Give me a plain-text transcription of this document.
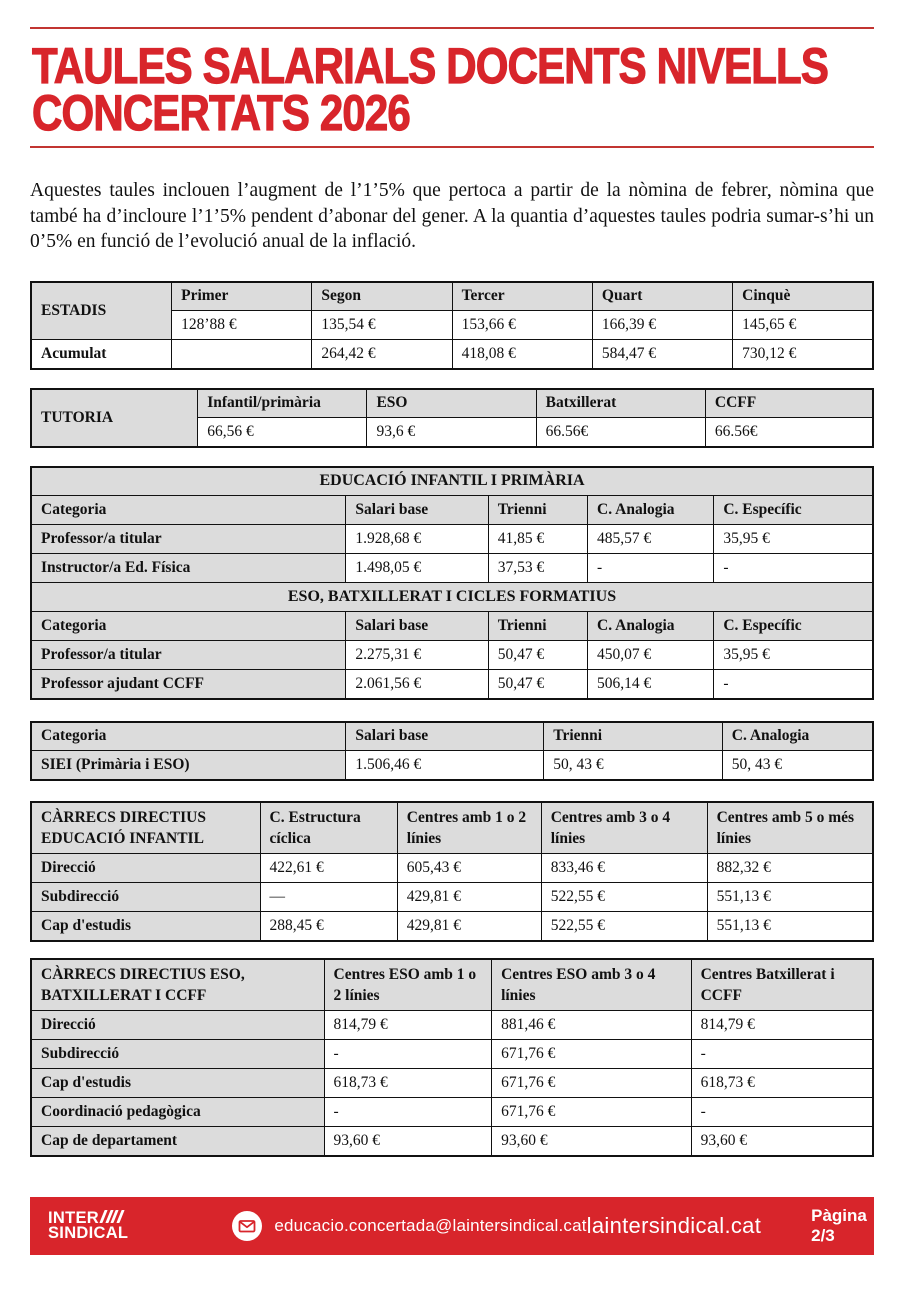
TAULES SALARIALS DOCENTS NIVELLS
CONCERTATS 2026

Aquestes taules inclouen l’augment de l’1’5% que pertoca a partir de la nòmina de febrer, nòmina que també ha d’incloure l’1’5% pendent d’abonar del gener. A la quantia d’aquestes taules podria sumar-s’hi un 0’5% en funció de l’evolució anual de la inflació.

ESTADIS	Primer	Segon	Tercer	Quart	Cinquè
	128’88 €	135,54 €	153,66 €	166,39 €	145,65 €
Acumulat		264,42 €	418,08 €	584,47 €	730,12 €
TUTORIA	Infantil/primària	ESO	Batxillerat	CCFF
	66,56 €	93,6 €	66.56€	66.56€
EDUCACIÓ INFANTIL I PRIMÀRIA				
Categoria	Salari base	Trienni	C. Analogia	C. Específic
Professor/a titular	1.928,68 €	41,85 €	485,57 €	35,95 €
Instructor/a Ed. Física	1.498,05 €	37,53 €	-	-
ESO, BATXILLERAT I CICLES FORMATIUS				
Categoria	Salari base	Trienni	C. Analogia	C. Específic
Professor/a titular	2.275,31 €	50,47 €	450,07 €	35,95 €
Professor ajudant CCFF	2.061,56 €	50,47 €	506,14 €	-
Categoria	Salari base	Trienni	C. Analogia
SIEI (Primària i ESO)	1.506,46 €	50, 43 €	50, 43 €
CÀRRECS DIRECTIUS EDUCACIÓ INFANTIL	C. Estructura cíclica	Centres amb 1 o 2 línies	Centres amb 3 o 4 línies	Centres amb 5 o més línies
Direcció	422,61 €	605,43 €	833,46 €	882,32 €
Subdirecció	—	429,81 €	522,55 €	551,13 €
Cap d'estudis	288,45 €	429,81 €	522,55 €	551,13 €
CÀRRECS DIRECTIUS ESO, BATXILLERAT I CCFF	Centres ESO amb 1 o 2 línies	Centres ESO amb 3 o 4 línies	Centres Batxillerat i CCFF
Direcció	814,79 €	881,46 €	814,79 €
Subdirecció	-	671,76 €	-
Cap d'estudis	618,73 €	671,76 €	618,73 €
Coordinació pedagògica	-	671,76 €	-
Cap de departament	93,60 €	93,60 €	93,60 €
INTER
SINDICAL	educacio.concertada@laintersindical.cat laintersindical.cat	Pàgina 2/3
